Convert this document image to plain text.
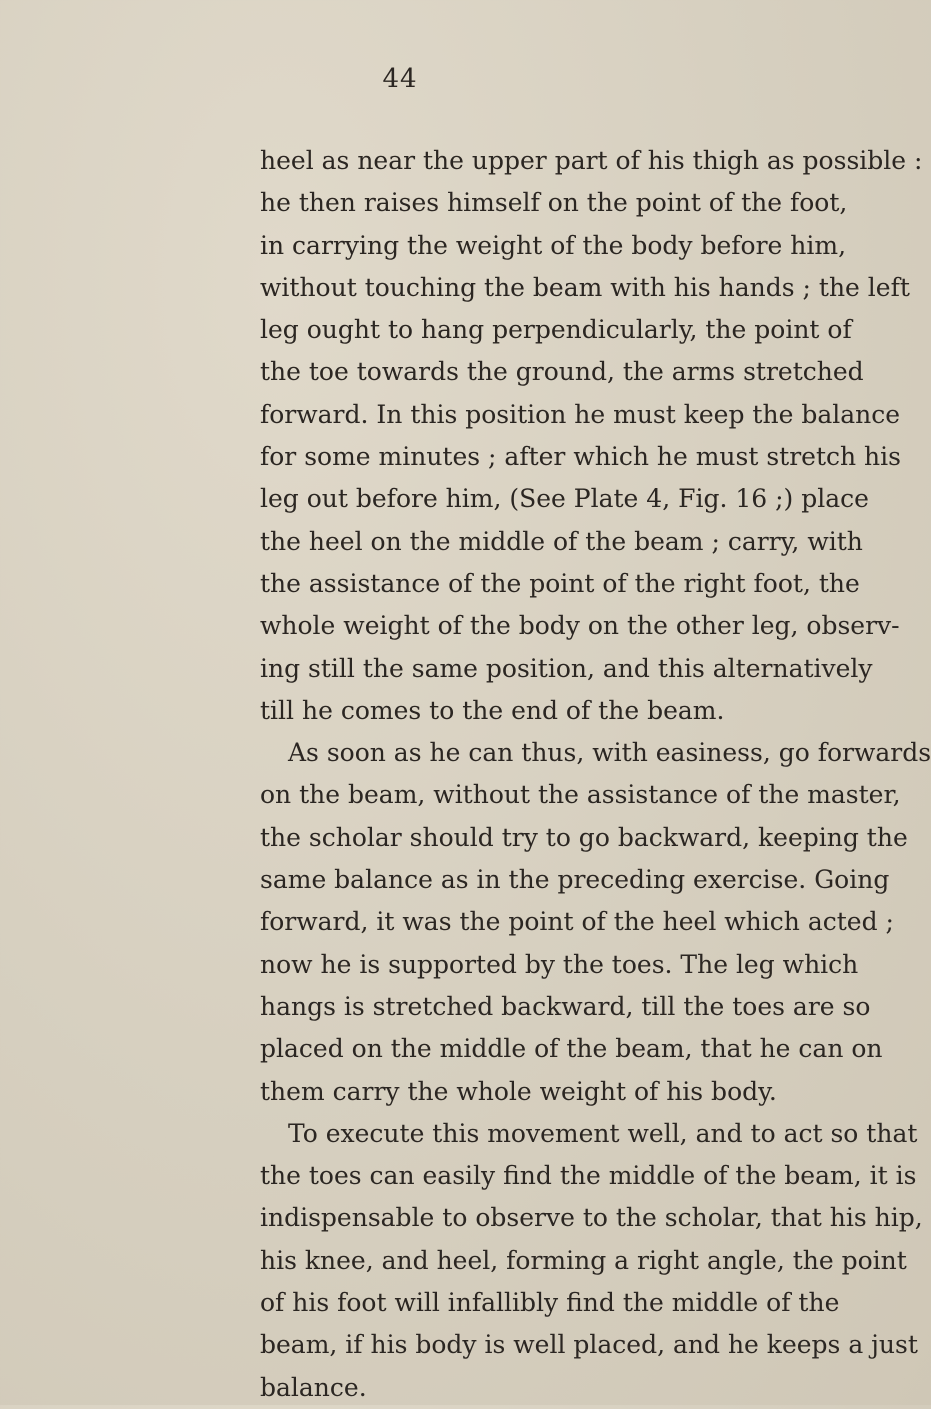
44
heel as near the upper part of his thigh as possible :
he then raises himself on the point of the foot,
in carrying the weight of the body before him,
without touching the beam with his hands ; the left
leg ought to hang perpendicularly, the point of
the toe towards the ground, the arms stretched
forward. In this position he must keep the balance
for some minutes ; after which he must stretch his
leg out before him, (See Plate 4, Fig. 16 ;) place
the heel on the middle of the beam ; carry, with
the assistance of the point of the right foot, the
whole weight of the body on the other leg, observ-
ing still the same position, and this alternatively
till he comes to the end of the beam.
As soon as he can thus, with easiness, go forwards
on the beam, without the assistance of the master,
the scholar should try to go backward, keeping the
same balance as in the preceding exercise. Going
forward, it was the point of the heel which acted ;
now he is supported by the toes. The leg which
hangs is stretched backward, till the toes are so
placed on the middle of the beam, that he can on
them carry the whole weight of his body.
To execute this movement well, and to act so that
the toes can easily find the middle of the beam, it is
indispensable to observe to the scholar, that his hip,
his knee, and heel, forming a right angle, the point
of his foot will infallibly find the middle of the
beam, if his body is well placed, and he keeps a just
balance.
